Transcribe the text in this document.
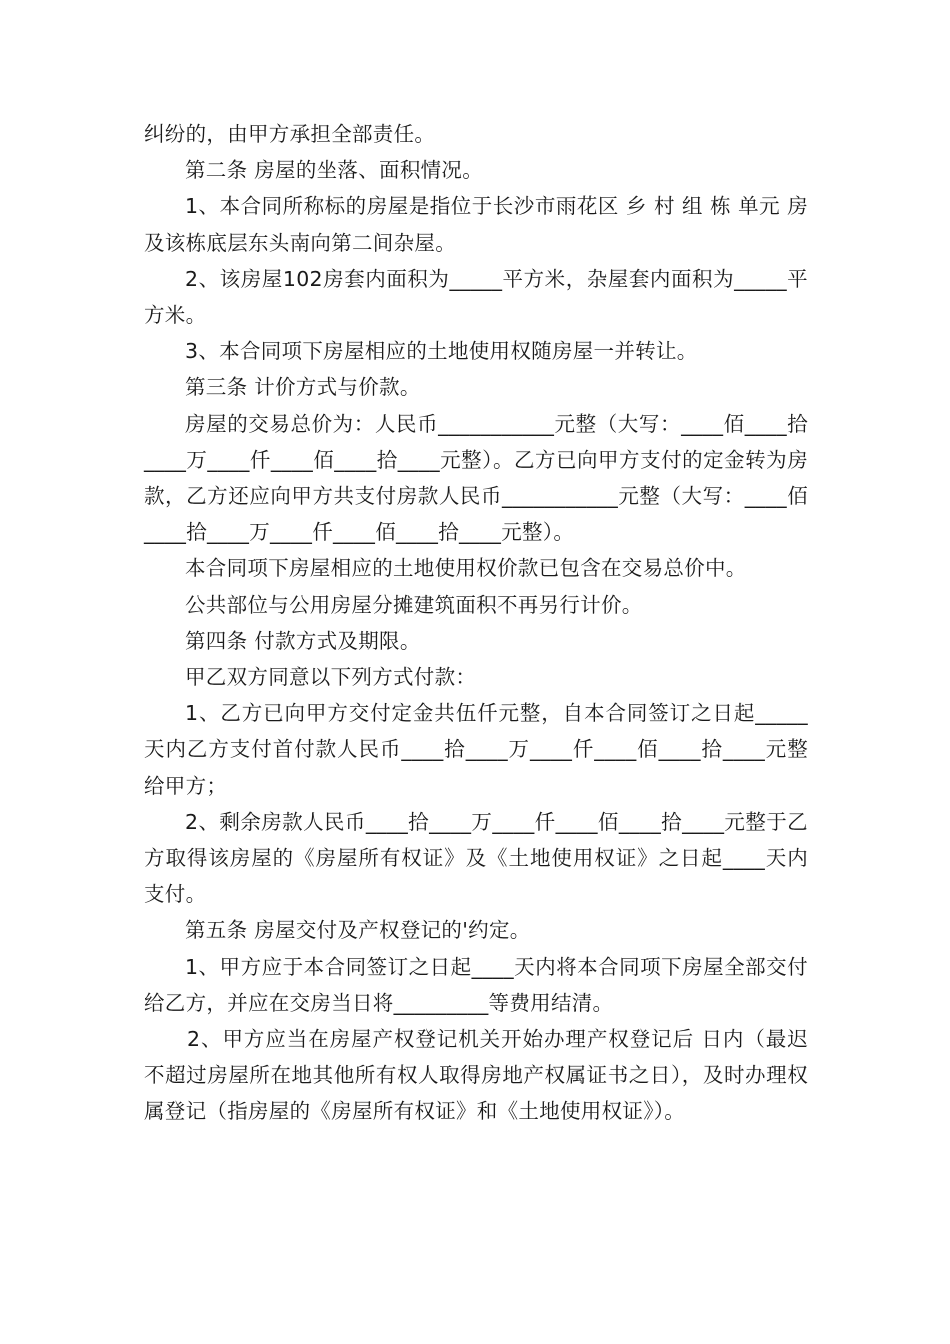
纠纷的，由甲方承担全部责任。

第二条 房屋的坐落、面积情况。

1、本合同所称标的房屋是指位于长沙市雨花区 乡 村 组 栋 单元 房及该栋底层东头南向第二间杂屋。

2、该房屋102房套内面积为_____平方米，杂屋套内面积为_____平方米。

3、本合同项下房屋相应的土地使用权随房屋一并转让。

第三条 计价方式与价款。

房屋的交易总价为：人民币___________元整（大写：____佰____拾____万____仟____佰____拾____元整）。乙方已向甲方支付的定金转为房款，乙方还应向甲方共支付房款人民币___________元整（大写：____佰____拾____万____仟____佰____拾____元整）。

本合同项下房屋相应的土地使用权价款已包含在交易总价中。

公共部位与公用房屋分摊建筑面积不再另行计价。

第四条 付款方式及期限。

甲乙双方同意以下列方式付款：

1、乙方已向甲方交付定金共伍仟元整，自本合同签订之日起_____天内乙方支付首付款人民币____拾____万____仟____佰____拾____元整给甲方；

2、剩余房款人民币____拾____万____仟____佰____拾____元整于乙方取得该房屋的《房屋所有权证》及《土地使用权证》之日起____天内支付。

第五条 房屋交付及产权登记的'约定。

1、甲方应于本合同签订之日起____天内将本合同项下房屋全部交付给乙方，并应在交房当日将_________等费用结清。

2、甲方应当在房屋产权登记机关开始办理产权登记后 日内（最迟不超过房屋所在地其他所有权人取得房地产权属证书之日），及时办理权属登记（指房屋的《房屋所有权证》和《土地使用权证》）。
